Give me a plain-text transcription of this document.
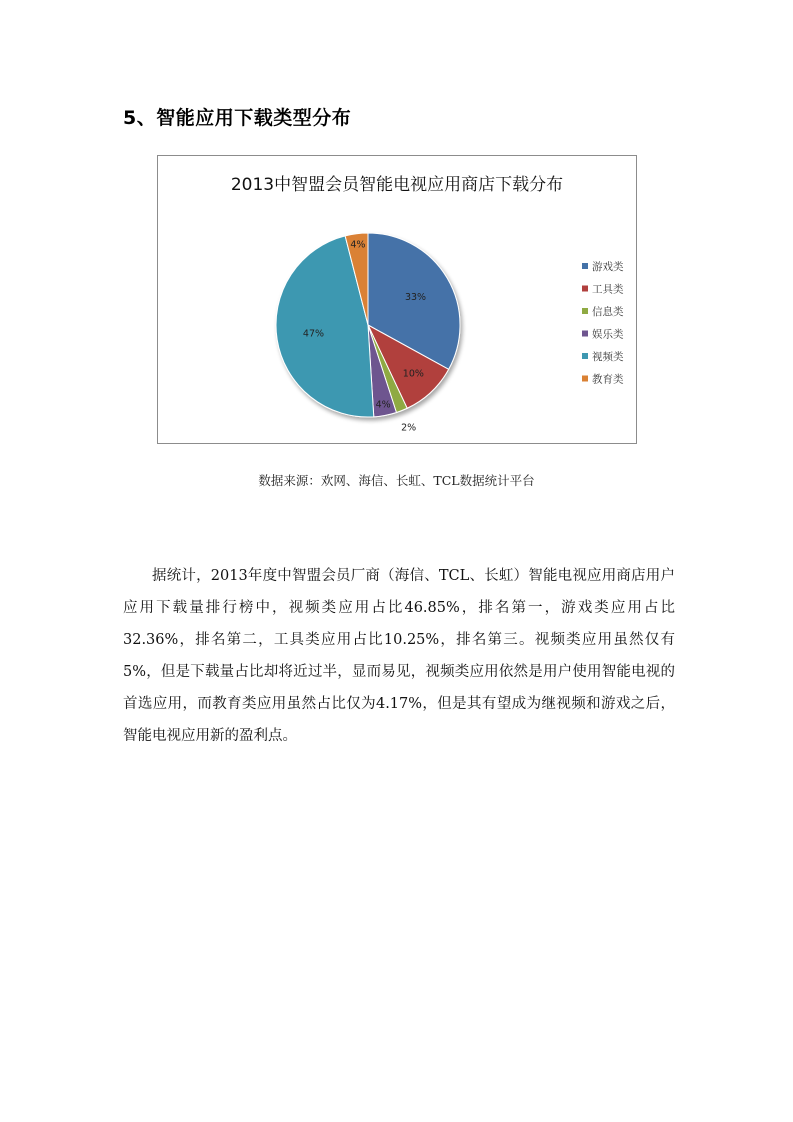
5、智能应用下载类型分布
2013中智盟会员智能电视应用商店下载分布
33%
10%
2%
4%
47%
4%
游戏类
工具类
信息类
娱乐类
视频类
教育类
数据来源：欢网、海信、长虹、TCL数据统计平台

据统计，2013年度中智盟会员厂商（海信、TCL、长虹）智能电视应用商店用户应用下载量排行榜中，视频类应用占比46.85%，排名第一，游戏类应用占比32.36%，排名第二，工具类应用占比10.25%，排名第三。视频类应用虽然仅有5%，但是下载量占比却将近过半，显而易见，视频类应用依然是用户使用智能电视的首选应用，而教育类应用虽然占比仅为4.17%，但是其有望成为继视频和游戏之后，智能电视应用新的盈利点。
